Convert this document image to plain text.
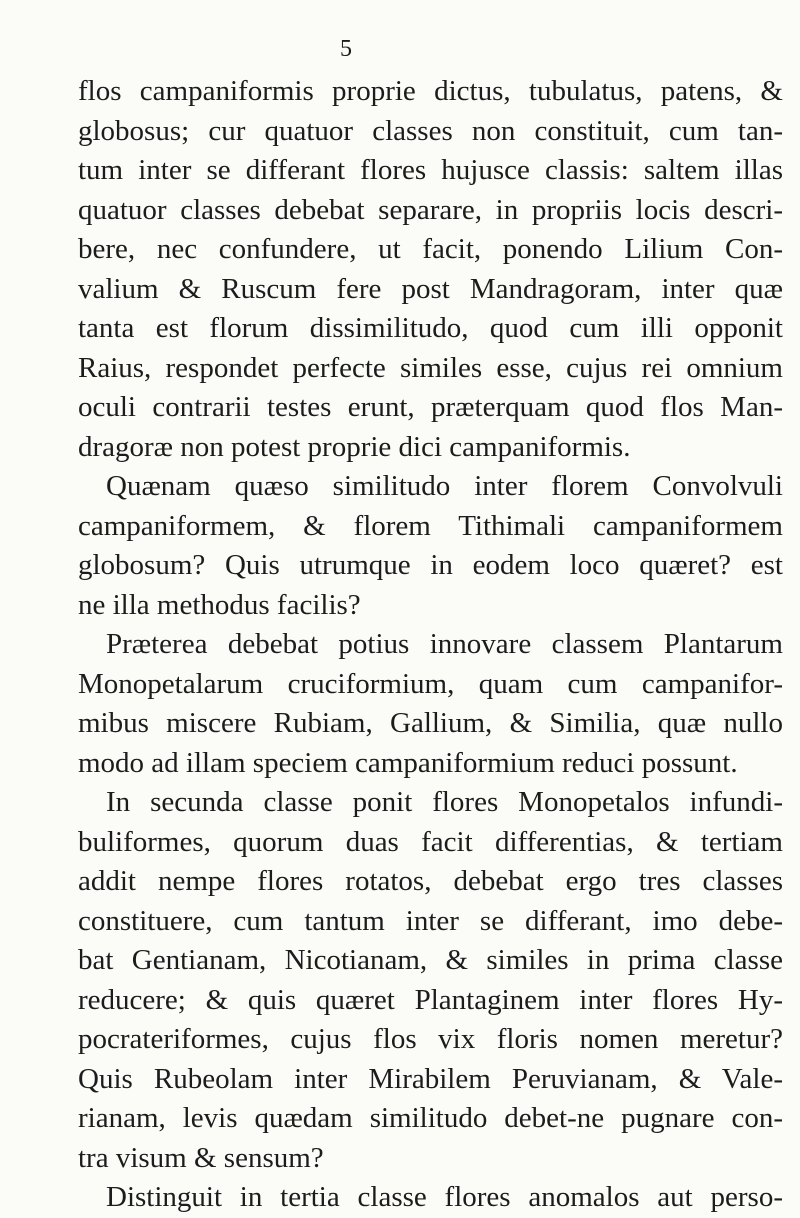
5
flos campaniformis proprie dictus, tubulatus, patens, &
globosus; cur quatuor classes non constituit, cum tan-
tum inter se differant flores hujusce classis: saltem illas
quatuor classes debebat separare, in propriis locis descri-
bere, nec confundere, ut facit, ponendo Lilium Con-
valium & Ruscum fere post Mandragoram, inter quæ
tanta est florum dissimilitudo, quod cum illi opponit
Raius, respondet perfecte similes esse, cujus rei omnium
oculi contrarii testes erunt, præterquam quod flos Man-
dragoræ non potest proprie dici campaniformis.
Quænam quæso similitudo inter florem Convolvuli
campaniformem, & florem Tithimali campaniformem
globosum? Quis utrumque in eodem loco quæret? est
ne illa methodus facilis?
Præterea debebat potius innovare classem Plantarum
Monopetalarum cruciformium, quam cum campanifor-
mibus miscere Rubiam, Gallium, & Similia, quæ nullo
modo ad illam speciem campaniformium reduci possunt.
In secunda classe ponit flores Monopetalos infundi-
buliformes, quorum duas facit differentias, & tertiam
addit nempe flores rotatos, debebat ergo tres classes
constituere, cum tantum inter se differant, imo debe-
bat Gentianam, Nicotianam, & similes in prima classe
reducere; & quis quæret Plantaginem inter flores Hy-
pocrateriformes, cujus flos vix floris nomen meretur?
Quis Rubeolam inter Mirabilem Peruvianam, & Vale-
rianam, levis quædam similitudo debet-ne pugnare con-
tra visum & sensum?
Distinguit in tertia classe flores anomalos aut perso-
